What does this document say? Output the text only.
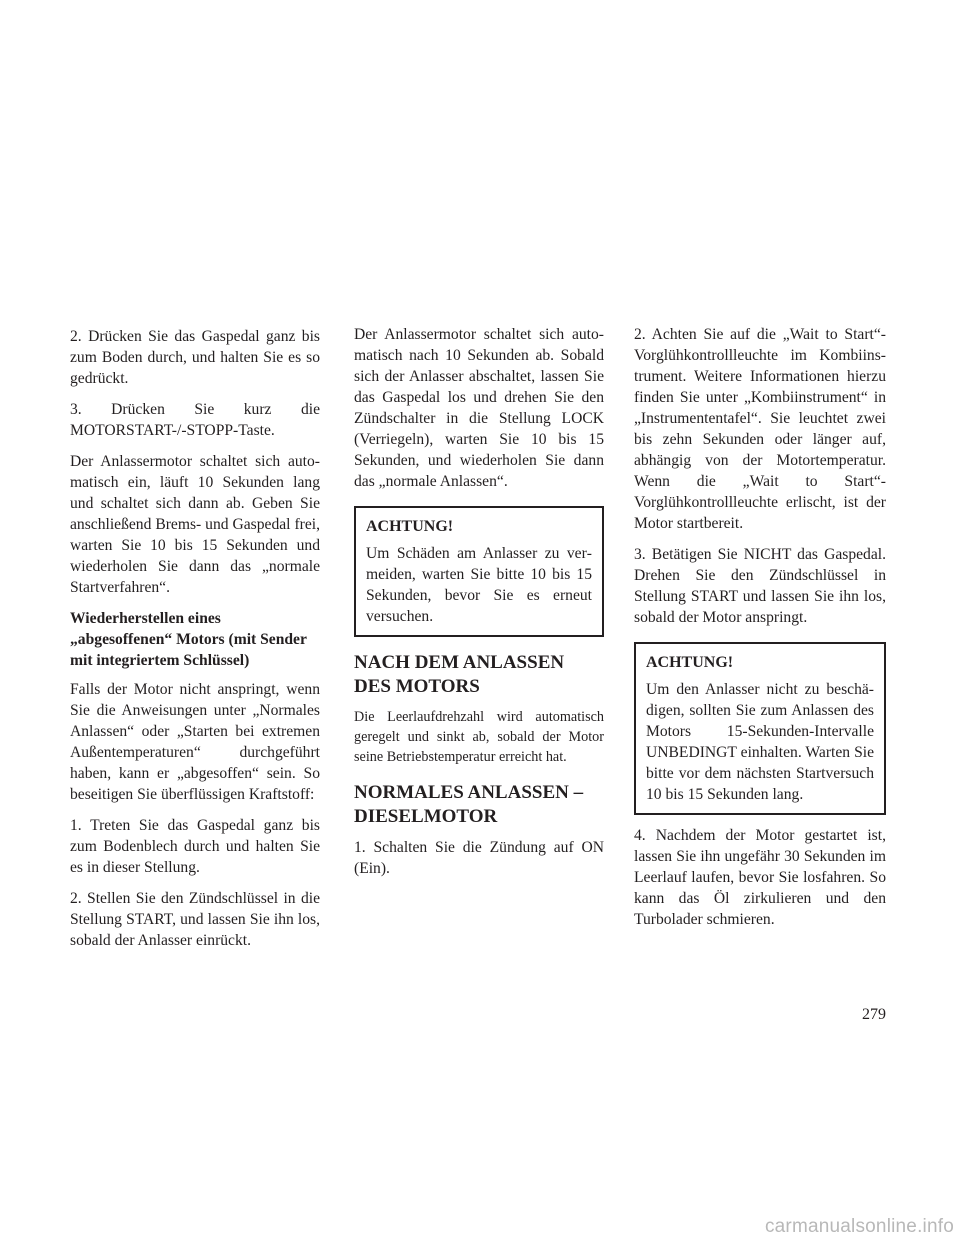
2. Drücken Sie das Gaspedal ganz bis zum Boden durch, und halten Sie es so gedrückt.

3. Drücken Sie kurz die MOTORSTART-/-STOPP-Taste.

Der Anlassermotor schaltet sich automatisch ein, läuft 10 Sekunden lang und schaltet sich dann ab. Geben Sie anschließend Brems- und Gaspedal frei, warten Sie 10 bis 15 Sekunden und wiederholen Sie dann das „normale Startverfahren“.

Wiederherstellen eines „abgesoffenen“ Motors (mit Sender mit integriertem Schlüssel)

Falls der Motor nicht anspringt, wenn Sie die Anweisungen unter „Normales Anlassen“ oder „Starten bei extremen Außentemperaturen“ durchgeführt haben, kann er „abgesoffen“ sein. So beseitigen Sie überflüssigen Kraftstoff:

1. Treten Sie das Gaspedal ganz bis zum Bodenblech durch und halten Sie es in dieser Stellung.

2. Stellen Sie den Zündschlüssel in die Stellung START, und lassen Sie ihn los, sobald der Anlasser einrückt.

Der Anlassermotor schaltet sich automatisch nach 10 Sekunden ab. Sobald sich der Anlasser abschaltet, lassen Sie das Gaspedal los und drehen Sie den Zündschalter in die Stellung LOCK (Verriegeln), warten Sie 10 bis 15 Sekunden, und wiederholen Sie dann das „normale Anlassen“.

ACHTUNG!

Um Schäden am Anlasser zu vermeiden, warten Sie bitte 10 bis 15 Sekunden, bevor Sie es erneut versuchen.

NACH DEM ANLASSEN DES MOTORS

Die Leerlaufdrehzahl wird automatisch geregelt und sinkt ab, sobald der Motor seine Betriebstemperatur erreicht hat.

NORMALES ANLASSEN – DIESELMOTOR

1. Schalten Sie die Zündung auf ON (Ein).

2. Achten Sie auf die „Wait to Start“-Vorglühkontrollleuchte im Kombiinstrument. Weitere Informationen hierzu finden Sie unter „Kombiinstrument“ in „Instrumententafel“. Sie leuchtet zwei bis zehn Sekunden oder länger auf, abhängig von der Motortemperatur. Wenn die „Wait to Start“-Vorglühkontrollleuchte erlischt, ist der Motor startbereit.

3. Betätigen Sie NICHT das Gaspedal. Drehen Sie den Zündschlüssel in Stellung START und lassen Sie ihn los, sobald der Motor anspringt.

ACHTUNG!

Um den Anlasser nicht zu beschädigen, sollten Sie zum Anlassen des Motors 15-Sekunden-Intervalle UNBEDINGT einhalten. Warten Sie bitte vor dem nächsten Startversuch 10 bis 15 Sekunden lang.

4. Nachdem der Motor gestartet ist, lassen Sie ihn ungefähr 30 Sekunden im Leerlauf laufen, bevor Sie losfahren. So kann das Öl zirkulieren und den Turbolader schmieren.

279
carmanualsonline.info
